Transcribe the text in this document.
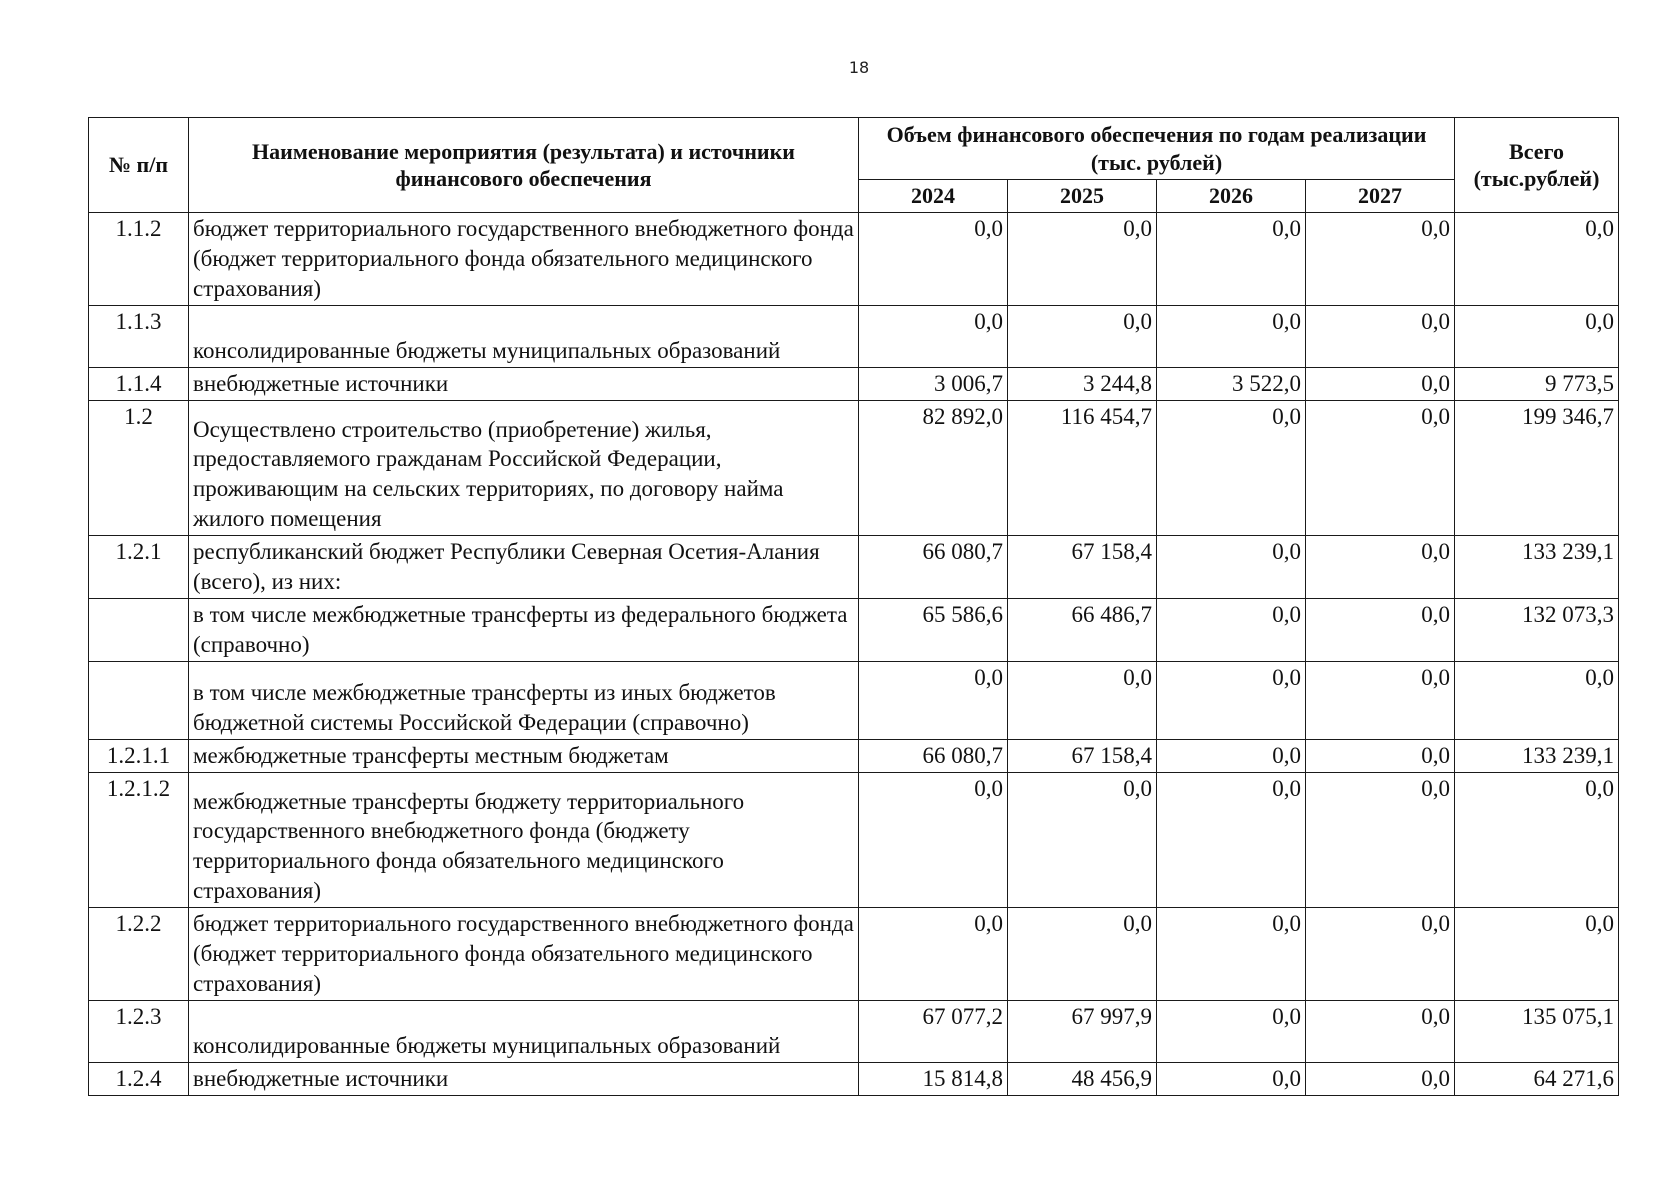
18
№ п/п	Наименование мероприятия (результата) и источники финансового обеспечения	Объем финансового обеспечения по годам реализации (тыс. рублей)				Всего (тыс.рублей)
		2024	2025	2026	2027	
1.1.2	бюджет территориального государственного внебюджетного фонда (бюджет территориального фонда обязательного медицинского страхования)	0,0	0,0	0,0	0,0	0,0
1.1.3	консолидированные бюджеты муниципальных образований	0,0	0,0	0,0	0,0	0,0
1.1.4	внебюджетные источники	3 006,7	3 244,8	3 522,0	0,0	9 773,5
1.2	Осуществлено строительство (приобретение) жилья, предоставляемого гражданам Российской Федерации, проживающим на сельских территориях, по договору найма жилого помещения	82 892,0	116 454,7	0,0	0,0	199 346,7
1.2.1	республиканский бюджет Республики Северная Осетия-Алания (всего), из них:	66 080,7	67 158,4	0,0	0,0	133 239,1
	в том числе межбюджетные трансферты из федерального бюджета (справочно)	65 586,6	66 486,7	0,0	0,0	132 073,3
	в том числе межбюджетные трансферты из иных бюджетов бюджетной системы Российской Федерации (справочно)	0,0	0,0	0,0	0,0	0,0
1.2.1.1	межбюджетные трансферты местным бюджетам	66 080,7	67 158,4	0,0	0,0	133 239,1
1.2.1.2	межбюджетные трансферты бюджету территориального государственного внебюджетного фонда (бюджету территориального фонда обязательного медицинского страхования)	0,0	0,0	0,0	0,0	0,0
1.2.2	бюджет территориального государственного внебюджетного фонда (бюджет территориального фонда обязательного медицинского страхования)	0,0	0,0	0,0	0,0	0,0
1.2.3	консолидированные бюджеты муниципальных образований	67 077,2	67 997,9	0,0	0,0	135 075,1
1.2.4	внебюджетные источники	15 814,8	48 456,9	0,0	0,0	64 271,6
